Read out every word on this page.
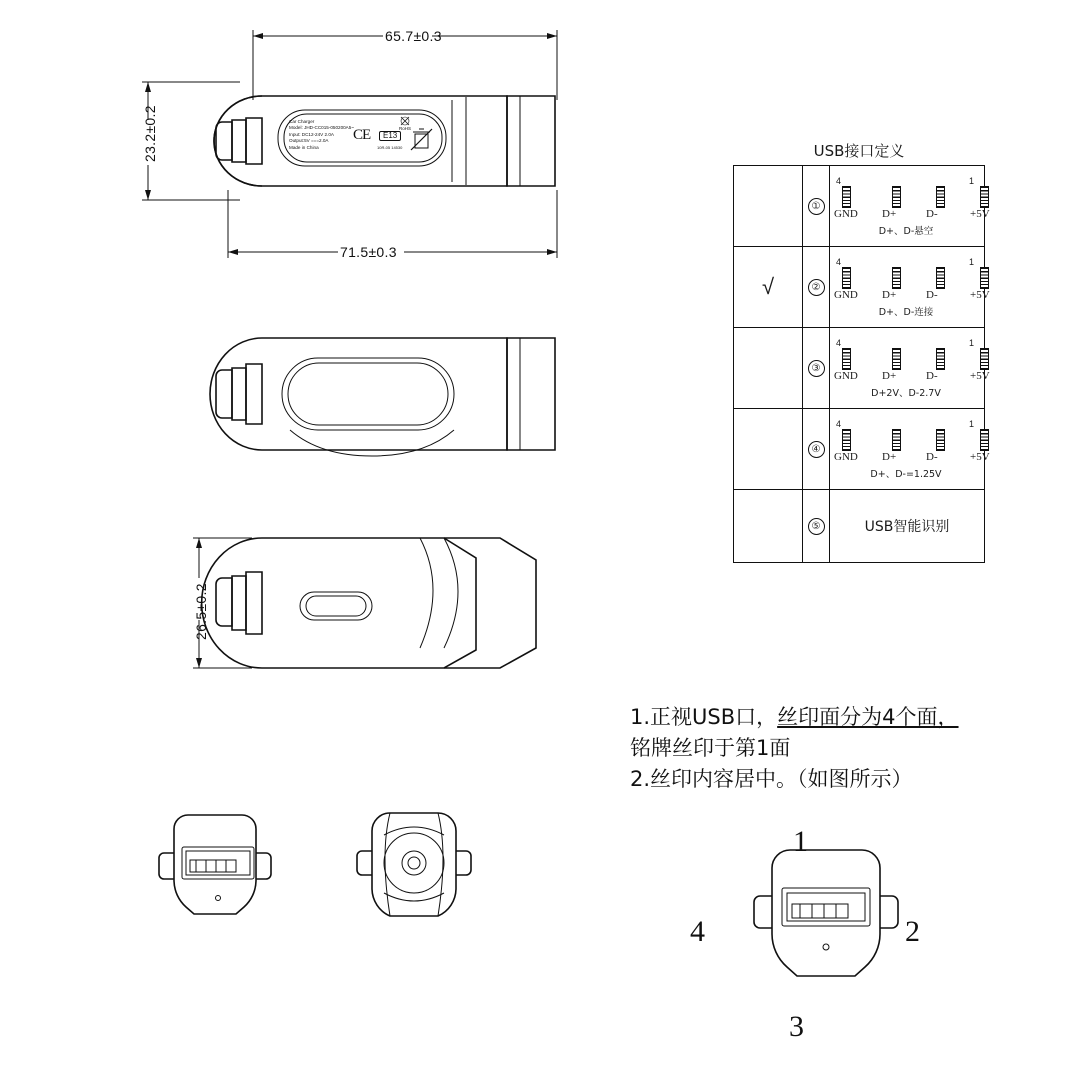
65.7±0.3
71.5±0.3
23.2±0.2	Car Charger
Model: JHD-CC015-050200A5~
Input: DC12-24V 2.0A
Output:5V ===2.0A
Made in China
CE	E13
10R-05 14530
RoHS
26.5±0.2
USB接口定义
	①	
4	1
GND D+	D-	+5V
D+、D-悬空

√	②	
4	1
GND D+	D-	+5V
D+、D-连接

	③	
4	1
GND D+	D-	+5V
D+2V、D-2.7V

	④	
4	1
GND D+	D-	+5V
D+、D-=1.25V

	⑤	USB智能识别
1.正视USB口，丝印面分为4个面，
铭牌丝印于第1面
2.丝印内容居中。（如图所示）
1
2
3
4
